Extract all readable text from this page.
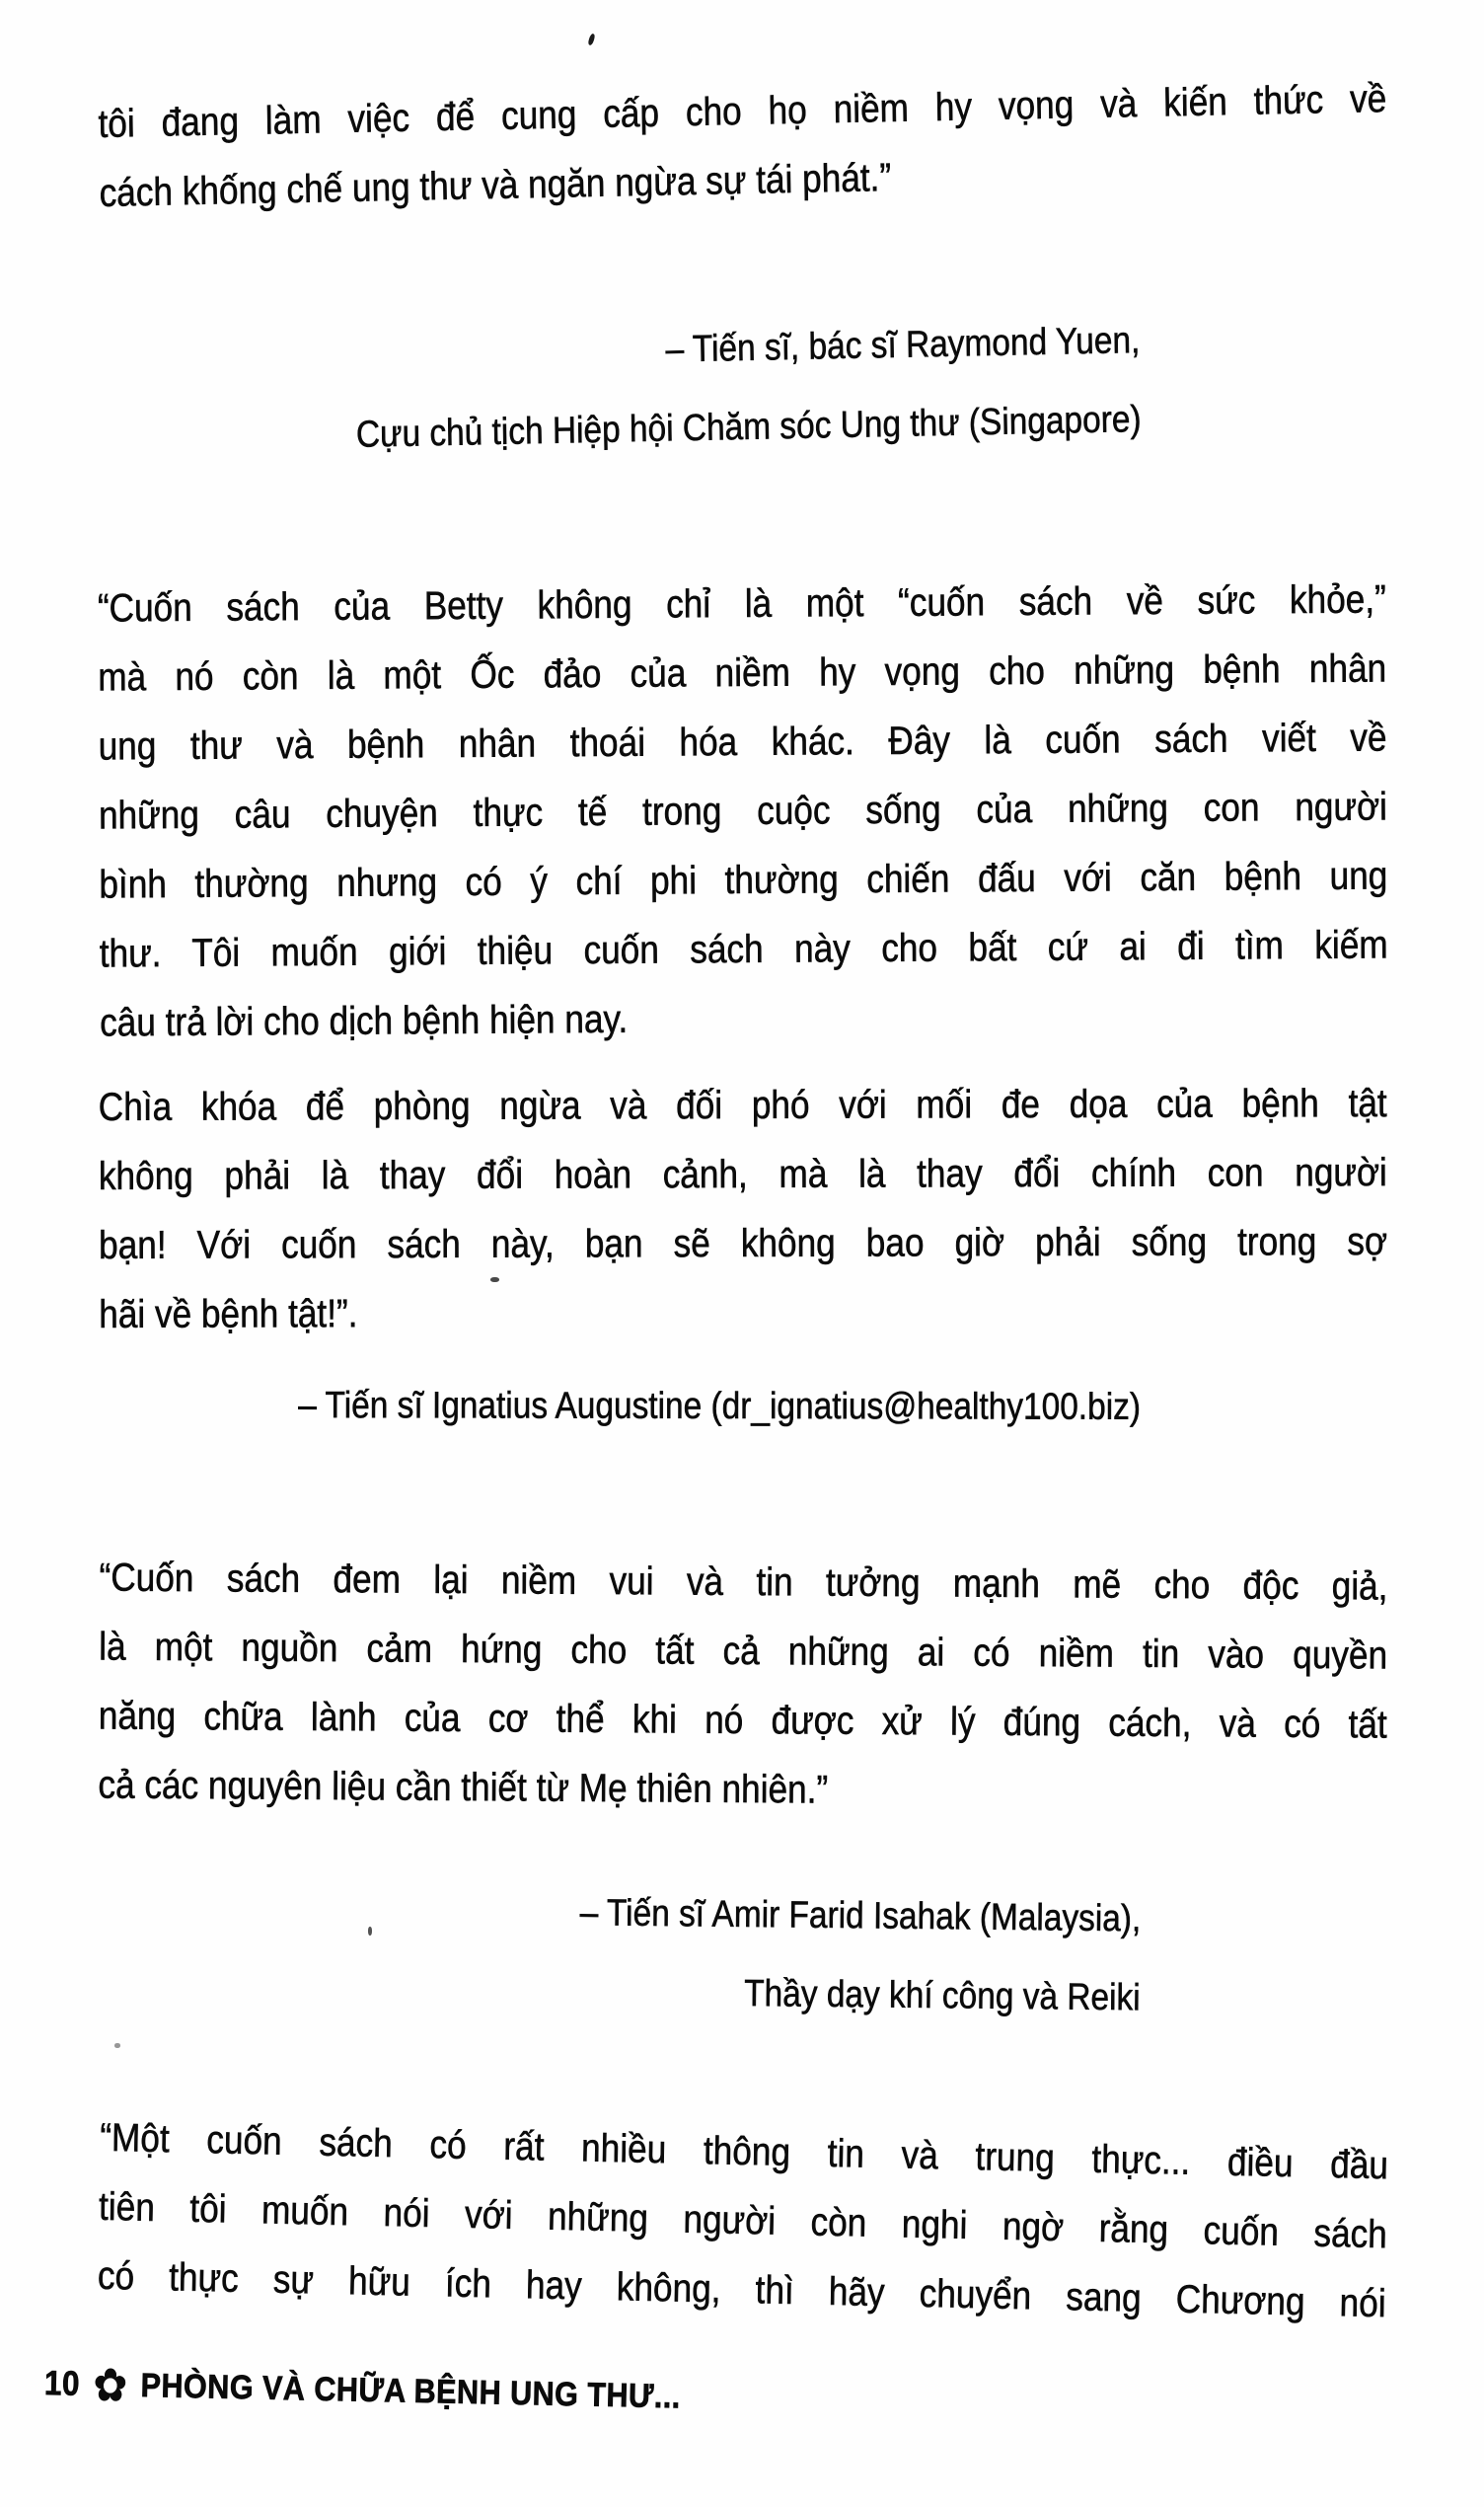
tôi đang làm việc để cung cấp cho họ niềm hy vọng và kiến thức về
cách khống chế ung thư và ngăn ngừa sự tái phát.”
– Tiến sĩ, bác sĩ Raymond Yuen,
Cựu chủ tịch Hiệp hội Chăm sóc Ung thư (Singapore)
“Cuốn sách của Betty không chỉ là một “cuốn sách về sức khỏe,”
mà nó còn là một Ốc đảo của niềm hy vọng cho những bệnh nhân
ung thư và bệnh nhân thoái hóa khác. Đây là cuốn sách viết về
những câu chuyện thực tế trong cuộc sống của những con người
bình thường nhưng có ý chí phi thường chiến đấu với căn bệnh ung
thư. Tôi muốn giới thiệu cuốn sách này cho bất cứ ai đi tìm kiếm
câu trả lời cho dịch bệnh hiện nay.
Chìa khóa để phòng ngừa và đối phó với mối đe dọa của bệnh tật
không phải là thay đổi hoàn cảnh, mà là thay đổi chính con người
bạn! Với cuốn sách này, bạn sẽ không bao giờ phải sống trong sợ
hãi về bệnh tật!”.
– Tiến sĩ Ignatius Augustine (dr_ignatius@healthy100.biz)
“Cuốn sách đem lại niềm vui và tin tưởng mạnh mẽ cho độc giả,
là một nguồn cảm hứng cho tất cả những ai có niềm tin vào quyền
năng chữa lành của cơ thể khi nó được xử lý đúng cách, và có tất
cả các nguyên liệu cần thiết từ Mẹ thiên nhiên.”
– Tiến sĩ Amir Farid Isahak (Malaysia),
Thầy dạy khí công và Reiki
“Một cuốn sách có rất nhiều thông tin và trung thực... điều đầu
tiên tôi muốn nói với những người còn nghi ngờ rằng cuốn sách
có thực sự hữu ích hay không, thì hãy chuyển sang Chương nói
10 ✿ PHÒNG VÀ CHỮA BỆNH UNG THƯ...
